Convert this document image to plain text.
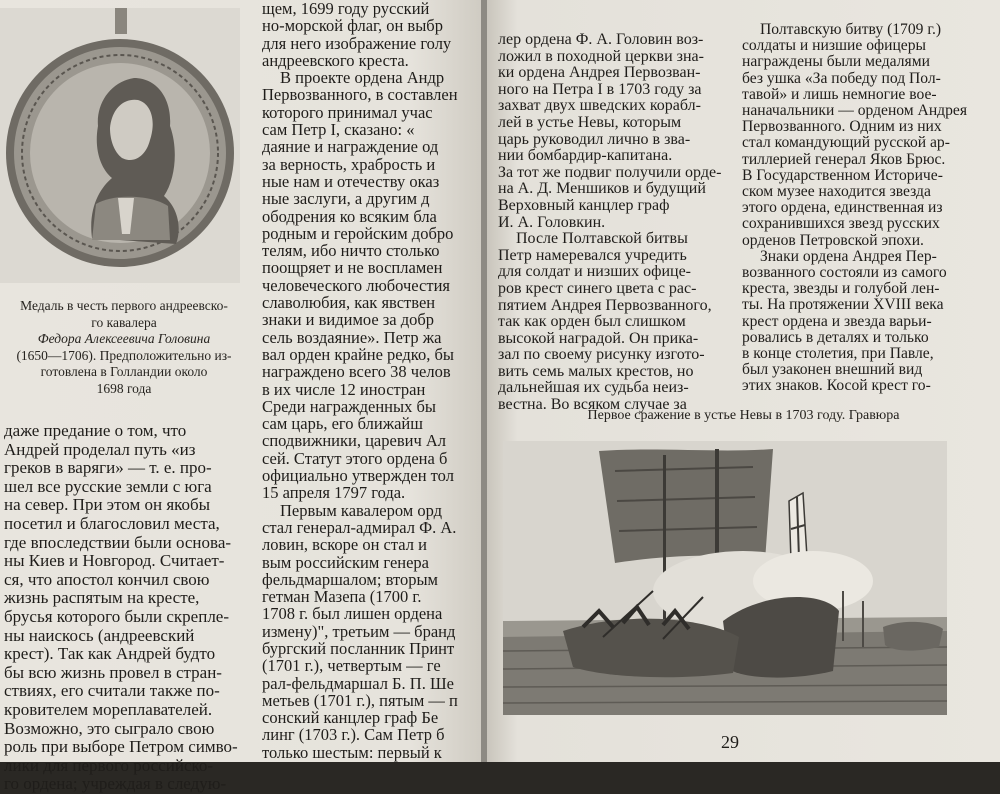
Медаль в честь первого андреевско-
го кавалера
Федора Алексеевича Головина
(1650—1706). Предположительно из-
готовлена в Голландии около
1698 года
даже предание о том, что
Андрей проделал путь «из
греков в варяги» — т. е. про-
шел все русские земли с юга
на север. При этом он якобы
посетил и благословил места,
где впоследствии были основа-
ны Киев и Новгород. Считает-
ся, что апостол кончил свою
жизнь распятым на кресте,
брусья которого были скрепле-
ны наискось (андреевский
крест). Так как Андрей будто
бы всю жизнь провел в стран-
ствиях, его считали также по-
кровителем мореплавателей.
Возможно, это сыграло свою
роль при выборе Петром симво-
лики для первого российско-
го ордена; учреждая в следую-
щем, 1699 году русский
но-морской флаг, он выбр
для него изображение голу
андреевского креста.
В проекте ордена Андр
Первозванного, в составлен
которого принимал учас
сам Петр I, сказано: «
даяние и награждение од
за верность, храбрость и
ные нам и отечеству оказ
ные заслуги, а другим д
ободрения ко всяким бла
родным и геройским добро
телям, ибо ничто столько
поощряет и не воспламен
человеческого любочестия
славолюбия, как явствен
знаки и видимое за добр
сель воздаяние». Петр жа
вал орден крайне редко, бы
награждено всего 38 челов
в их числе 12 иностран
Среди награжденных бы
сам царь, его ближайш
сподвижники, царевич Ал
сей. Статут этого ордена б
официально утвержден тол
15 апреля 1797 года.
Первым кавалером орд
стал генерал-адмирал Ф. А.
ловин, вскоре он стал и
вым российским генера
фельдмаршалом; вторым
гетман Мазепа (1700 г.
1708 г. был лишен ордена
измену)", третьим — бранд
бургский посланник Принт
(1701 г.), четвертым — ге
рал-фельдмаршал Б. П. Ше
метьев (1701 г.), пятым — п
сонский канцлер граф Бе
линг (1703 г.). Сам Петр б
только шестым: первый к
лер ордена Ф. А. Головин воз-
ложил в походной церкви зна-
ки ордена Андрея Первозван-
ного на Петра I в 1703 году за
захват двух шведских корабл-
лей в устье Невы, которым
царь руководил лично в зва-
нии бомбардир-капитана.
За тот же подвиг получили орде-
на А. Д. Меншиков и будущий
Верховный канцлер граф
И. А. Головкин.
После Полтавской битвы
Петр намеревался учредить
для солдат и низших офице-
ров крест синего цвета с рас-
пятием Андрея Первозванного,
так как орден был слишком
высокой наградой. Он прика-
зал по своему рисунку изгото-
вить семь малых крестов, но
дальнейшая их судьба неиз-
вестна. Во всяком случае за
Полтавскую битву (1709 г.)
солдаты и низшие офицеры
награждены были медалями
без ушка «За победу под Пол-
тавой» и лишь немногие вое-
наначальники — орденом Андрея
Первозванного. Одним из них
стал командующий русской ар-
тиллерией генерал Яков Брюс.
В Государственном Историче-
ском музее находится звезда
этого ордена, единственная из
сохранившихся звезд русских
орденов Петровской эпохи.
Знаки ордена Андрея Пер-
возванного состояли из самого
креста, звезды и голубой лен-
ты. На протяжении XVIII века
крест ордена и звезда варьи-
ровались в деталях и только
в конце столетия, при Павле,
был узаконен внешний вид
этих знаков. Косой крест го-
Первое сражение в устье Невы в 1703 году. Гравюра
29
